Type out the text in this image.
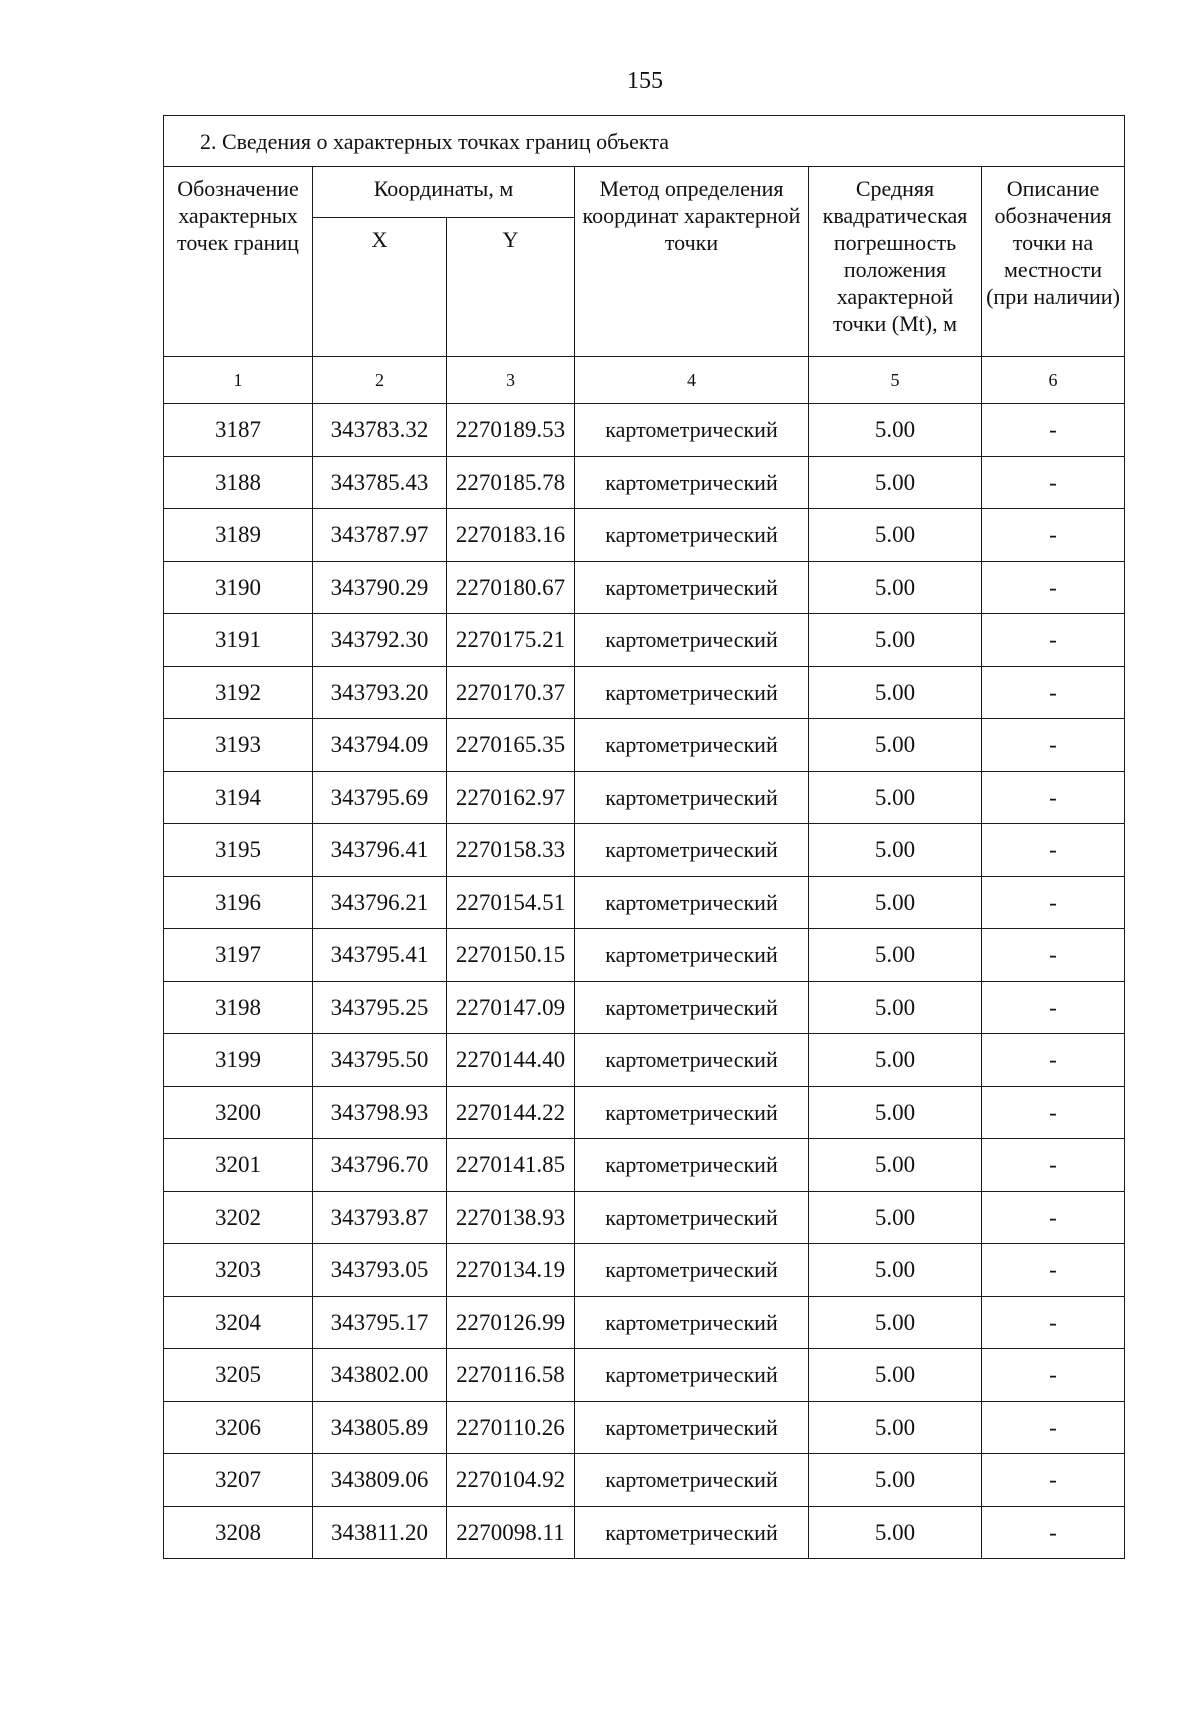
155
2. Сведения о характерных точках границ объекта					
Обозначение характерных точек границ	Координаты, м		Метод определения координат характерной точки	Средняя квадратическая погрешность положения характерной точки (Mt), м	Описание обозначения точки на местности (при наличии)
	X	Y			
1	2	3	4	5	6
3187	343783.32	2270189.53	картометрический	5.00	-
3188	343785.43	2270185.78	картометрический	5.00	-
3189	343787.97	2270183.16	картометрический	5.00	-
3190	343790.29	2270180.67	картометрический	5.00	-
3191	343792.30	2270175.21	картометрический	5.00	-
3192	343793.20	2270170.37	картометрический	5.00	-
3193	343794.09	2270165.35	картометрический	5.00	-
3194	343795.69	2270162.97	картометрический	5.00	-
3195	343796.41	2270158.33	картометрический	5.00	-
3196	343796.21	2270154.51	картометрический	5.00	-
3197	343795.41	2270150.15	картометрический	5.00	-
3198	343795.25	2270147.09	картометрический	5.00	-
3199	343795.50	2270144.40	картометрический	5.00	-
3200	343798.93	2270144.22	картометрический	5.00	-
3201	343796.70	2270141.85	картометрический	5.00	-
3202	343793.87	2270138.93	картометрический	5.00	-
3203	343793.05	2270134.19	картометрический	5.00	-
3204	343795.17	2270126.99	картометрический	5.00	-
3205	343802.00	2270116.58	картометрический	5.00	-
3206	343805.89	2270110.26	картометрический	5.00	-
3207	343809.06	2270104.92	картометрический	5.00	-
3208	343811.20	2270098.11	картометрический	5.00	-
